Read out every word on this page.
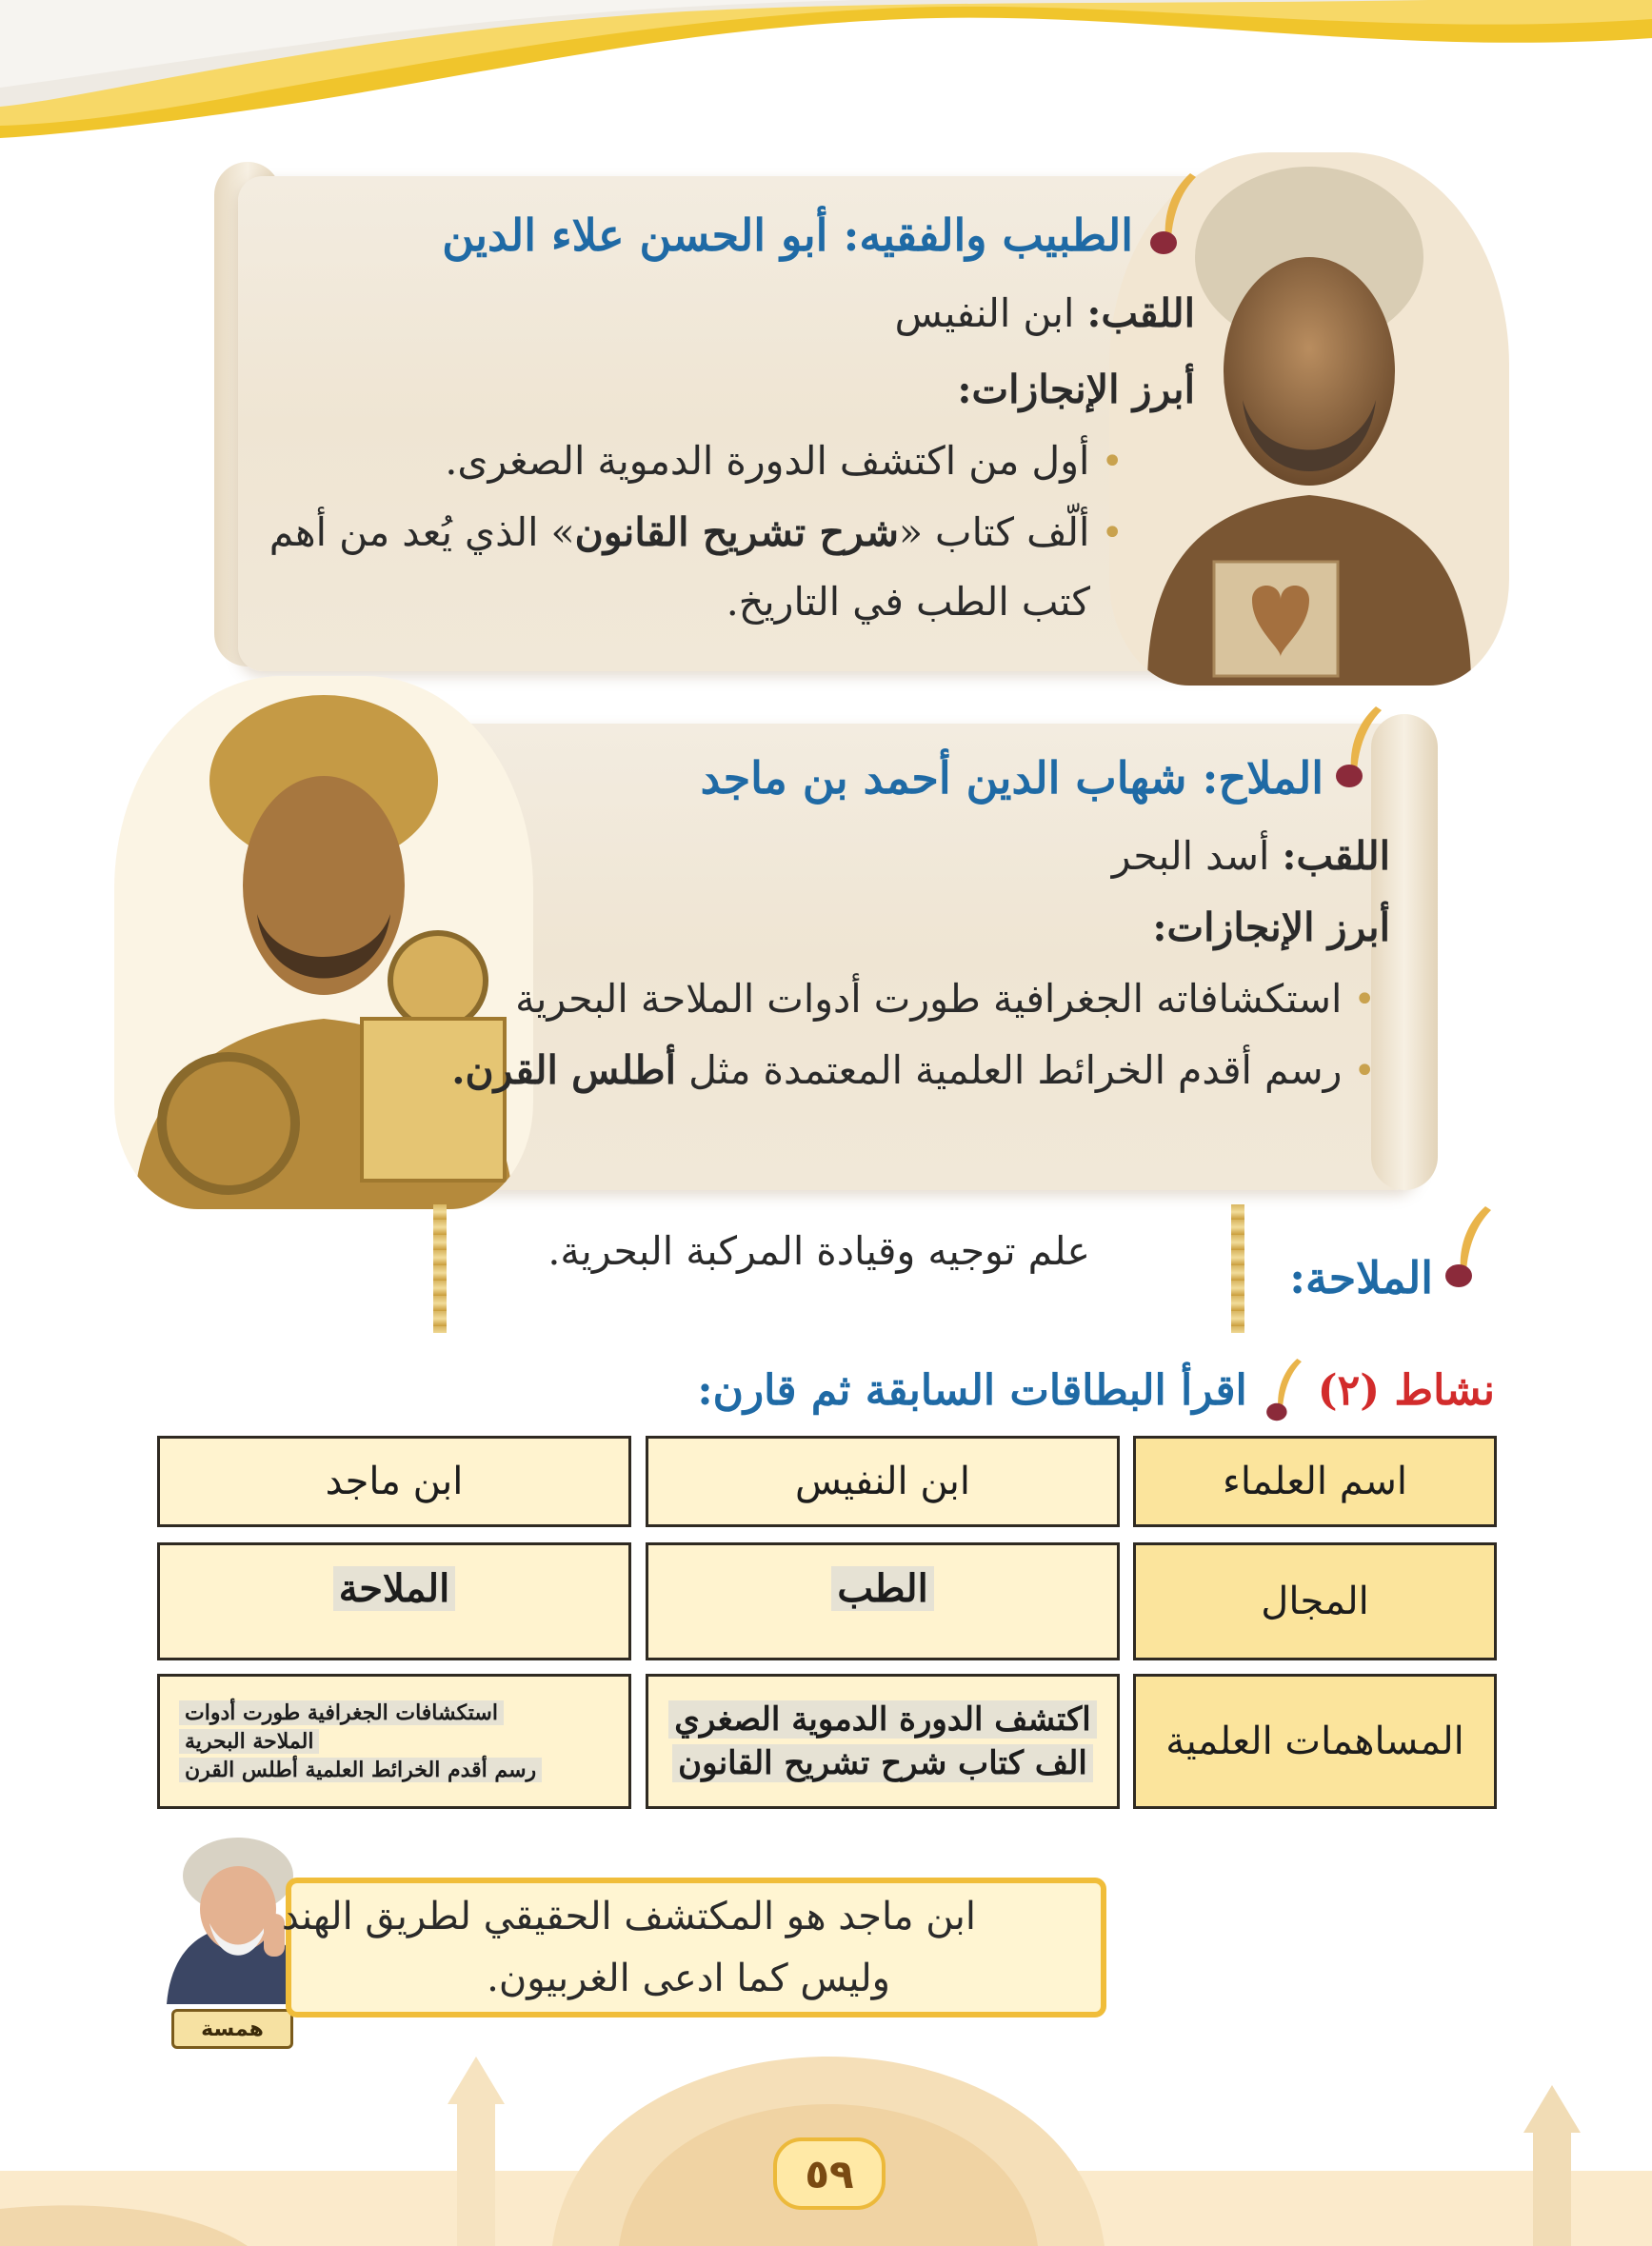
الطبيب والفقيه: أبو الحسن علاء الدين
اللقب: ابن النفيس
أبرز الإنجازات:
•أول من اكتشف الدورة الدموية الصغرى.
•ألّف كتاب «شرح تشريح القانون» الذي يُعد من أهم
كتب الطب في التاريخ.
الملاح: شهاب الدين أحمد بن ماجد
اللقب: أسد البحر
أبرز الإنجازات:
•استكشافاته الجغرافية طورت أدوات الملاحة البحرية
•رسم أقدم الخرائط العلمية المعتمدة مثل أطلس القرن.
الملاحة:
علم توجيه وقيادة المركبة البحرية.
نشاط (٢)
اقرأ البطاقات السابقة ثم قارن:
اسم العلماء
ابن النفيس
ابن ماجد
المجال
الطب
الملاحة
المساهمات العلمية
اكتشف الدورة الدموية الصغري
الف كتاب شرح تشريح القانون
استكشافات الجغرافية طورت أدوات
الملاحة البحرية
رسم أقدم الخرائط العلمية أطلس القرن
همسة
ابن ماجد هو المكتشف الحقيقي لطريق الهند
وليس كما ادعى الغربيون.
٥٩
